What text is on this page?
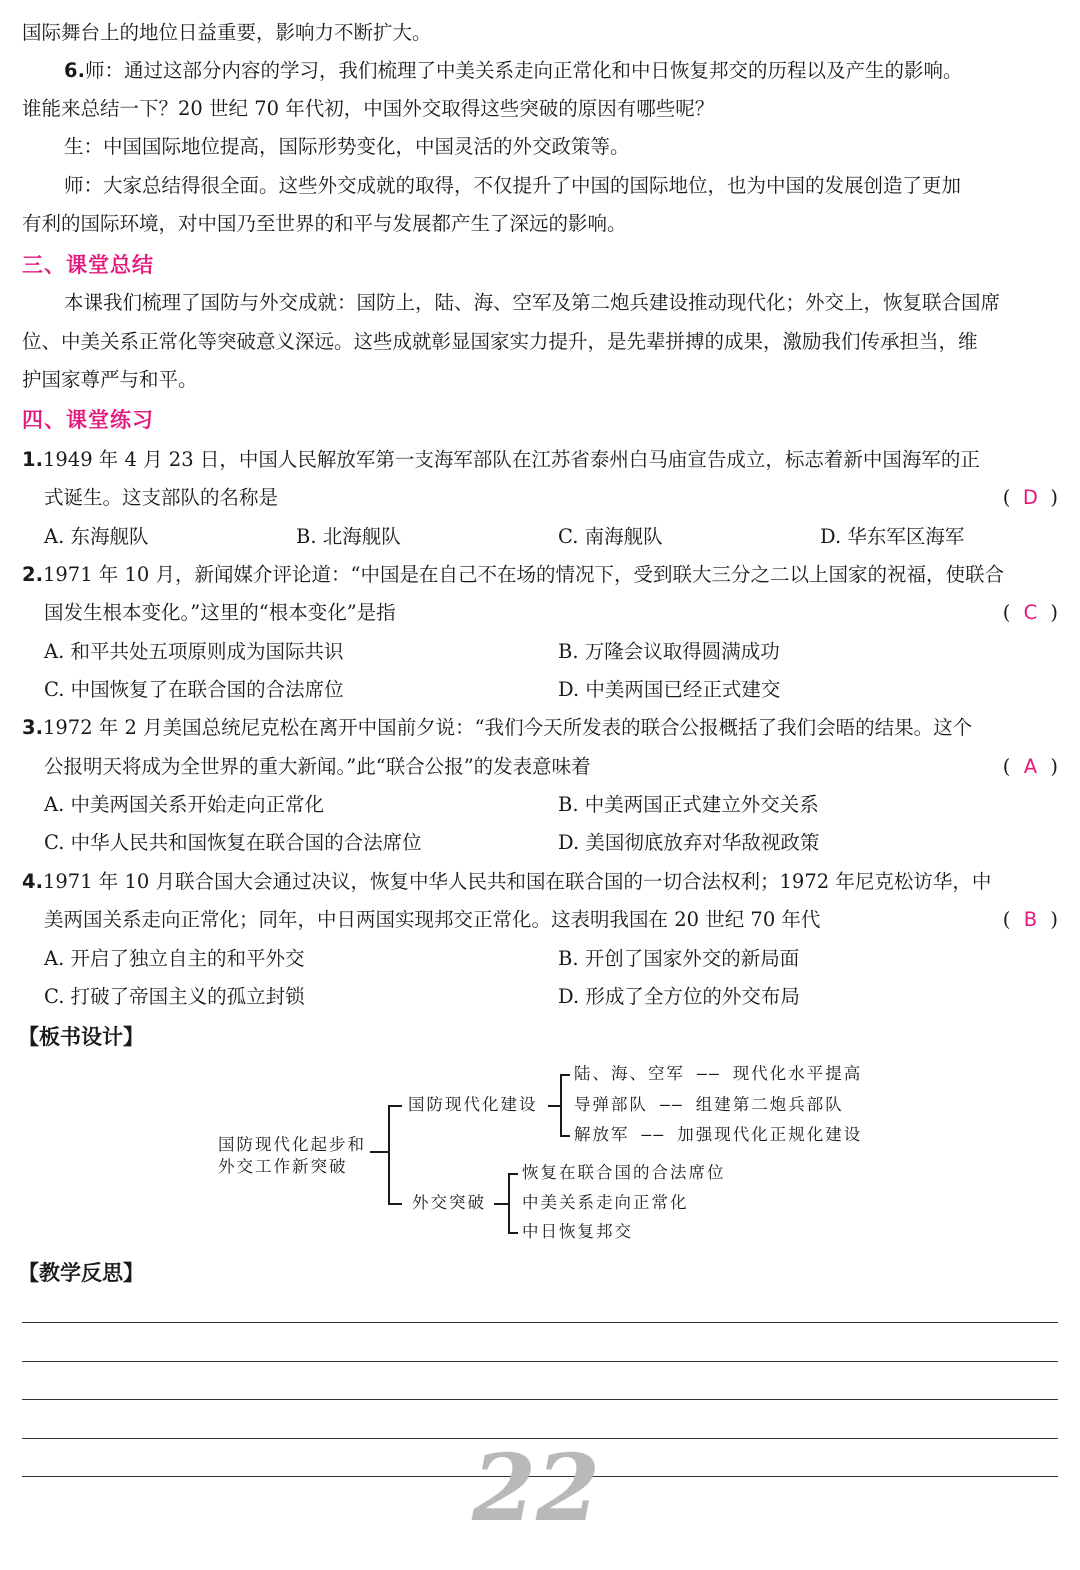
国际舞台上的地位日益重要，影响力不断扩大。
6.师：通过这部分内容的学习，我们梳理了中美关系走向正常化和中日恢复邦交的历程以及产生的影响。
谁能来总结一下？20 世纪 70 年代初，中国外交取得这些突破的原因有哪些呢？
生：中国国际地位提高，国际形势变化，中国灵活的外交政策等。
师：大家总结得很全面。这些外交成就的取得，不仅提升了中国的国际地位，也为中国的发展创造了更加
有利的国际环境，对中国乃至世界的和平与发展都产生了深远的影响。
三、课堂总结
本课我们梳理了国防与外交成就：国防上，陆、海、空军及第二炮兵建设推动现代化；外交上，恢复联合国席
位、中美关系正常化等突破意义深远。这些成就彰显国家实力提升，是先辈拼搏的成果，激励我们传承担当，维
护国家尊严与和平。
四、课堂练习
1.1949 年 4 月 23 日，中国人民解放军第一支海军部队在江苏省泰州白马庙宣告成立，标志着新中国海军的正
式诞生。这支部队的名称是	( D )
A. 东海舰队	B. 北海舰队	C. 南海舰队	D. 华东军区海军
2.1971 年 10 月，新闻媒介评论道：“中国是在自己不在场的情况下，受到联大三分之二以上国家的祝福，使联合
国发生根本变化。”这里的“根本变化”是指	( C )
A. 和平共处五项原则成为国际共识	B. 万隆会议取得圆满成功
C. 中国恢复了在联合国的合法席位	D. 中美两国已经正式建交
3.1972 年 2 月美国总统尼克松在离开中国前夕说：“我们今天所发表的联合公报概括了我们会晤的结果。这个
公报明天将成为全世界的重大新闻。”此“联合公报”的发表意味着	( A )
A. 中美两国关系开始走向正常化	B. 中美两国正式建立外交关系
C. 中华人民共和国恢复在联合国的合法席位	D. 美国彻底放弃对华敌视政策
4.1971 年 10 月联合国大会通过决议，恢复中华人民共和国在联合国的一切合法权利；1972 年尼克松访华，中
美两国关系走向正常化；同年，中日两国实现邦交正常化。这表明我国在 20 世纪 70 年代	( B )
A. 开启了独立自主的和平外交	B. 开创了国家外交的新局面
C. 打破了帝国主义的孤立封锁	D. 形成了全方位的外交布局
【板书设计】
国防现代化起步和
外交工作新突破
国防现代化建设
外交突破
陆、海、空军 —— 现代化水平提高
导弹部队 —— 组建第二炮兵部队
解放军 —— 加强现代化正规化建设
恢复在联合国的合法席位
中美关系走向正常化
中日恢复邦交
【教学反思】
22
